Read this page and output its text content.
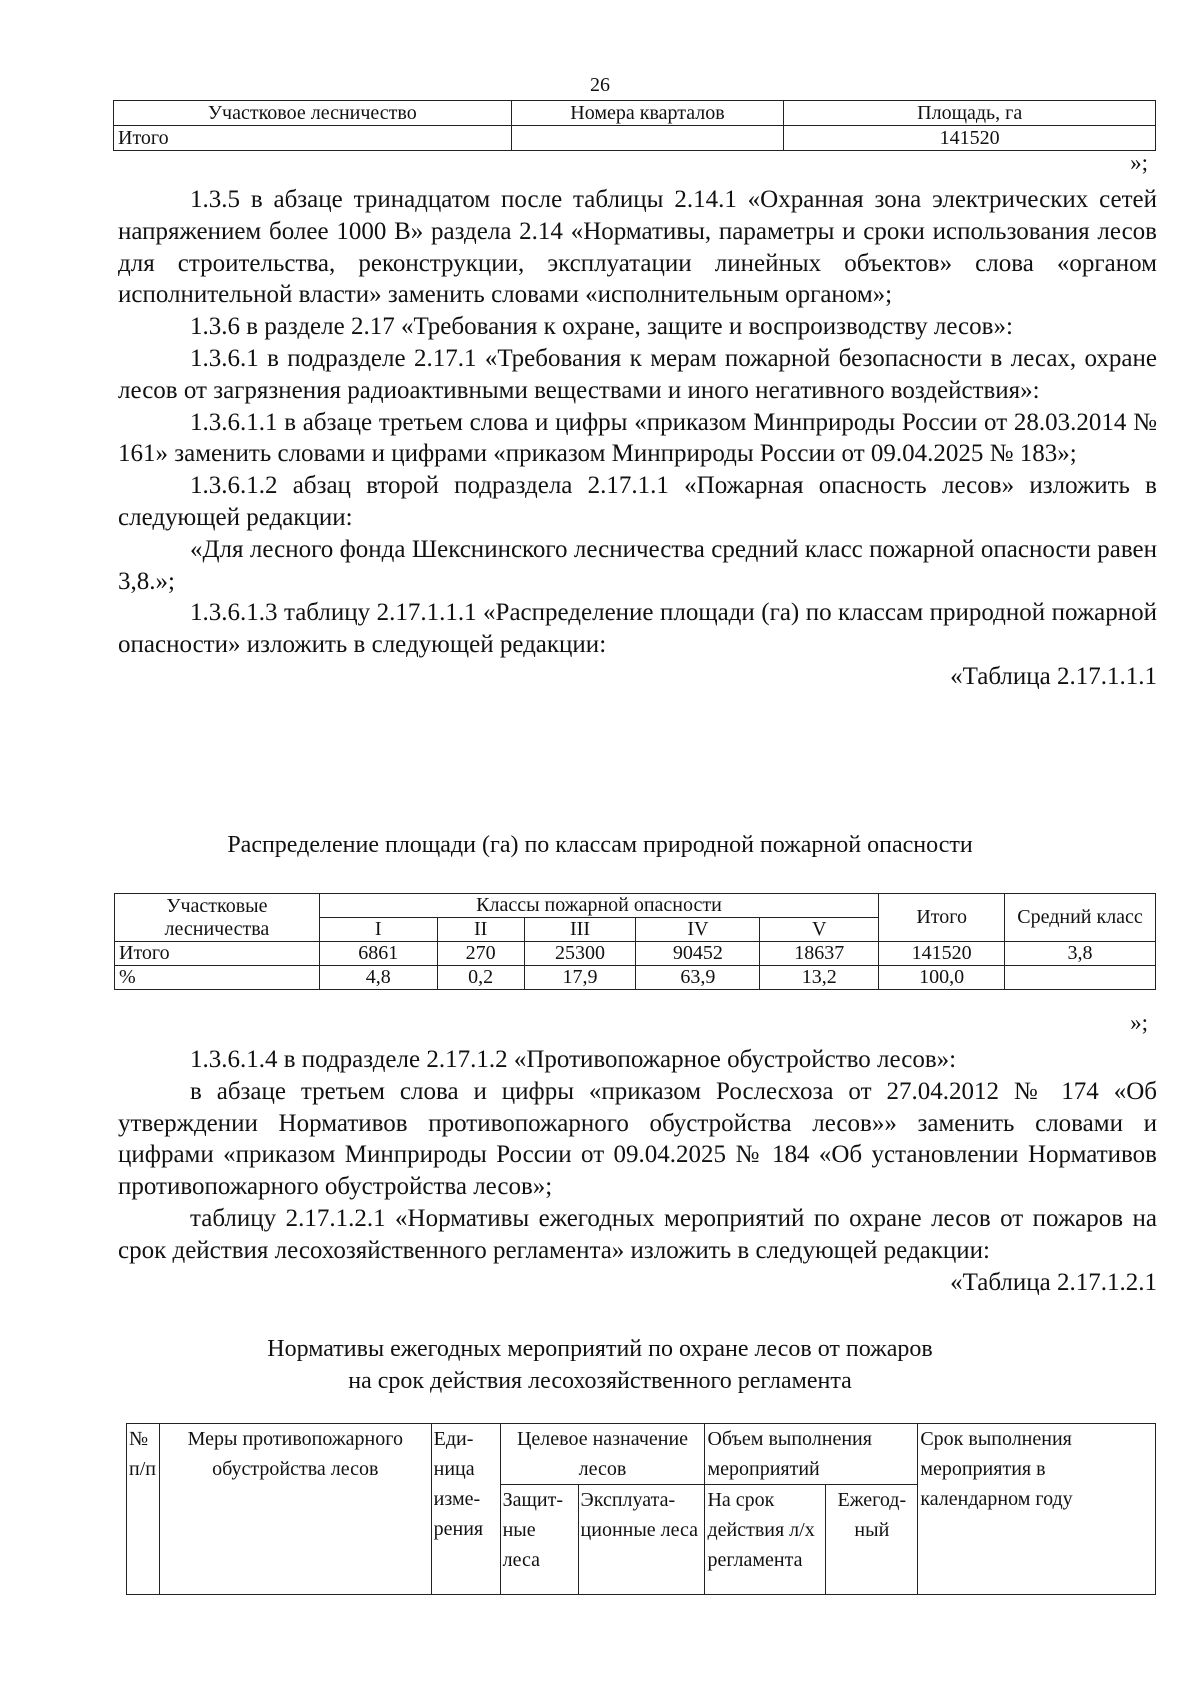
26
Участковое лесничество	Номера кварталов	Площадь, га
Итого		141520
»;

1.3.5 в абзаце тринадцатом после таблицы 2.14.1 «Охранная зона электрических сетей напряжением более 1000 В» раздела 2.14 «Нормативы, параметры и сроки использования лесов для строительства, реконструкции, эксплуатации линейных объектов» слова «органом исполнительной власти» заменить словами «исполнительным органом»;

1.3.6 в разделе 2.17 «Требования к охране, защите и воспроизводству лесов»:

1.3.6.1 в подразделе 2.17.1 «Требования к мерам пожарной безопасности в лесах, охране лесов от загрязнения радиоактивными веществами и иного негативного воздействия»:

1.3.6.1.1 в абзаце третьем слова и цифры «приказом Минприроды России от 28.03.2014 № 161» заменить словами и цифрами «приказом Минприроды России от 09.04.2025 № 183»;

1.3.6.1.2 абзац второй подраздела 2.17.1.1 «Пожарная опасность лесов» изложить в следующей редакции:

«Для лесного фонда Шекснинского лесничества средний класс пожарной опасности равен 3,8.»;

1.3.6.1.3 таблицу 2.17.1.1.1 «Распределение площади (га) по классам природной пожарной опасности» изложить в следующей редакции:

«Таблица 2.17.1.1.1

Распределение площади (га) по классам природной пожарной опасности
Участковые лесничества	Классы пожарной опасности					Итого	Средний класс
	I	II	III	IV	V		
Итого	6861	270	25300	90452	18637	141520	3,8
%	4,8	0,2	17,9	63,9	13,2	100,0	
»;

1.3.6.1.4 в подразделе 2.17.1.2 «Противопожарное обустройство лесов»:

в абзаце третьем слова и цифры «приказом Рослесхоза от 27.04.2012 № 174 «Об утверждении Нормативов противопожарного обустройства лесов»» заменить словами и цифрами «приказом Минприроды России от 09.04.2025 № 184 «Об установлении Нормативов противопожарного обустройства лесов»;

таблицу 2.17.1.2.1 «Нормативы ежегодных мероприятий по охране лесов от пожаров на срок действия лесохозяйственного регламента» изложить в следующей редакции:

«Таблица 2.17.1.2.1

Нормативы ежегодных мероприятий по охране лесов от пожаров
на срок действия лесохозяйственного регламента
№ п/п	Меры противопожарного обустройства лесов	Еди-ница изме-рения	Целевое назначение лесов		Объем выполнения мероприятий		Срок выполнения мероприятия в календарном году
			Защит-ные леса	Эксплуата-ционные леса	На срок действия л/х регламента	Ежегод-ный	
